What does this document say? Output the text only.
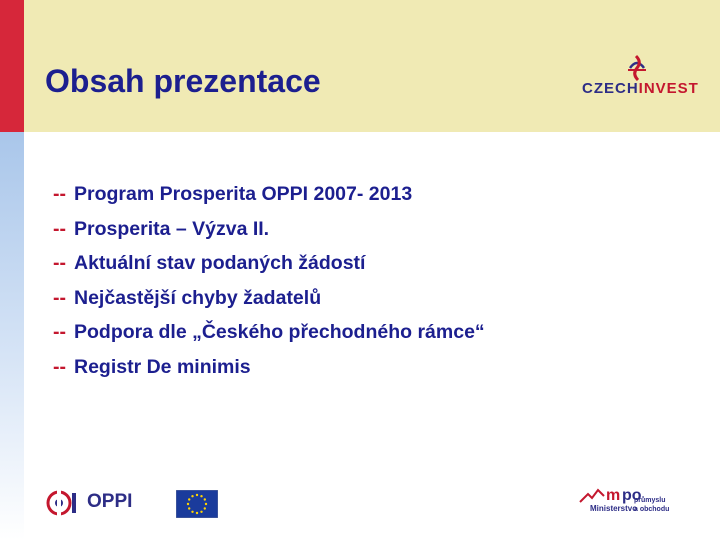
Obsah prezentace	CZECHINVEST
-- Program Prosperita OPPI 2007- 2013
-- Prosperita – Výzva II.
-- Aktuální stav podaných žádostí
-- Nejčastější chyby žadatelů
-- Podpora dle „Českého přechodného rámce“
-- Registr De minimis
OPPI	m po
Ministerstvo
průmyslu
a obchodu
